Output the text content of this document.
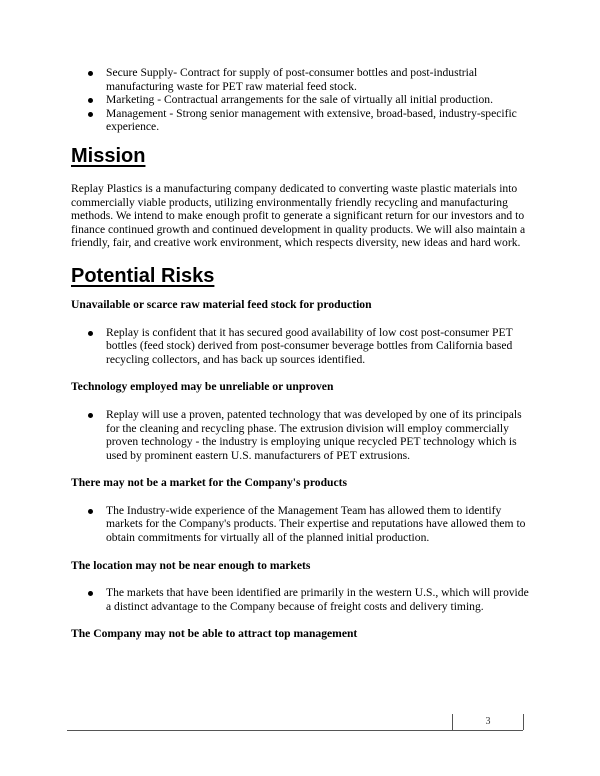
Secure Supply- Contract for supply of post-consumer bottles and post-industrial manufacturing waste for PET raw material feed stock.
Marketing - Contractual arrangements for the sale of virtually all initial production.
Management - Strong senior management with extensive, broad-based, industry-specific experience.
Mission

Replay Plastics is a manufacturing company dedicated to converting waste plastic materials into commercially viable products, utilizing environmentally friendly recycling and manufacturing methods. We intend to make enough profit to generate a significant return for our investors and to finance continued growth and continued development in quality products. We will also maintain a friendly, fair, and creative work environment, which respects diversity, new ideas and hard work.

Potential Risks

Unavailable or scarce raw material feed stock for production

Replay is confident that it has secured good availability of low cost post-consumer PET bottles (feed stock) derived from post-consumer beverage bottles from California based recycling collectors, and has back up sources identified.

Technology employed may be unreliable or unproven

Replay will use a proven, patented technology that was developed by one of its principals for the cleaning and recycling phase. The extrusion division will employ commercially proven technology - the industry is employing unique recycled PET technology which is used by prominent eastern U.S. manufacturers of PET extrusions.

There may not be a market for the Company's products

The Industry-wide experience of the Management Team has allowed them to identify markets for the Company's products. Their expertise and reputations have allowed them to obtain commitments for virtually all of the planned initial production.

The location may not be near enough to markets

The markets that have been identified are primarily in the western U.S., which will provide a distinct advantage to the Company because of freight costs and delivery timing.

The Company may not be able to attract top management

3
